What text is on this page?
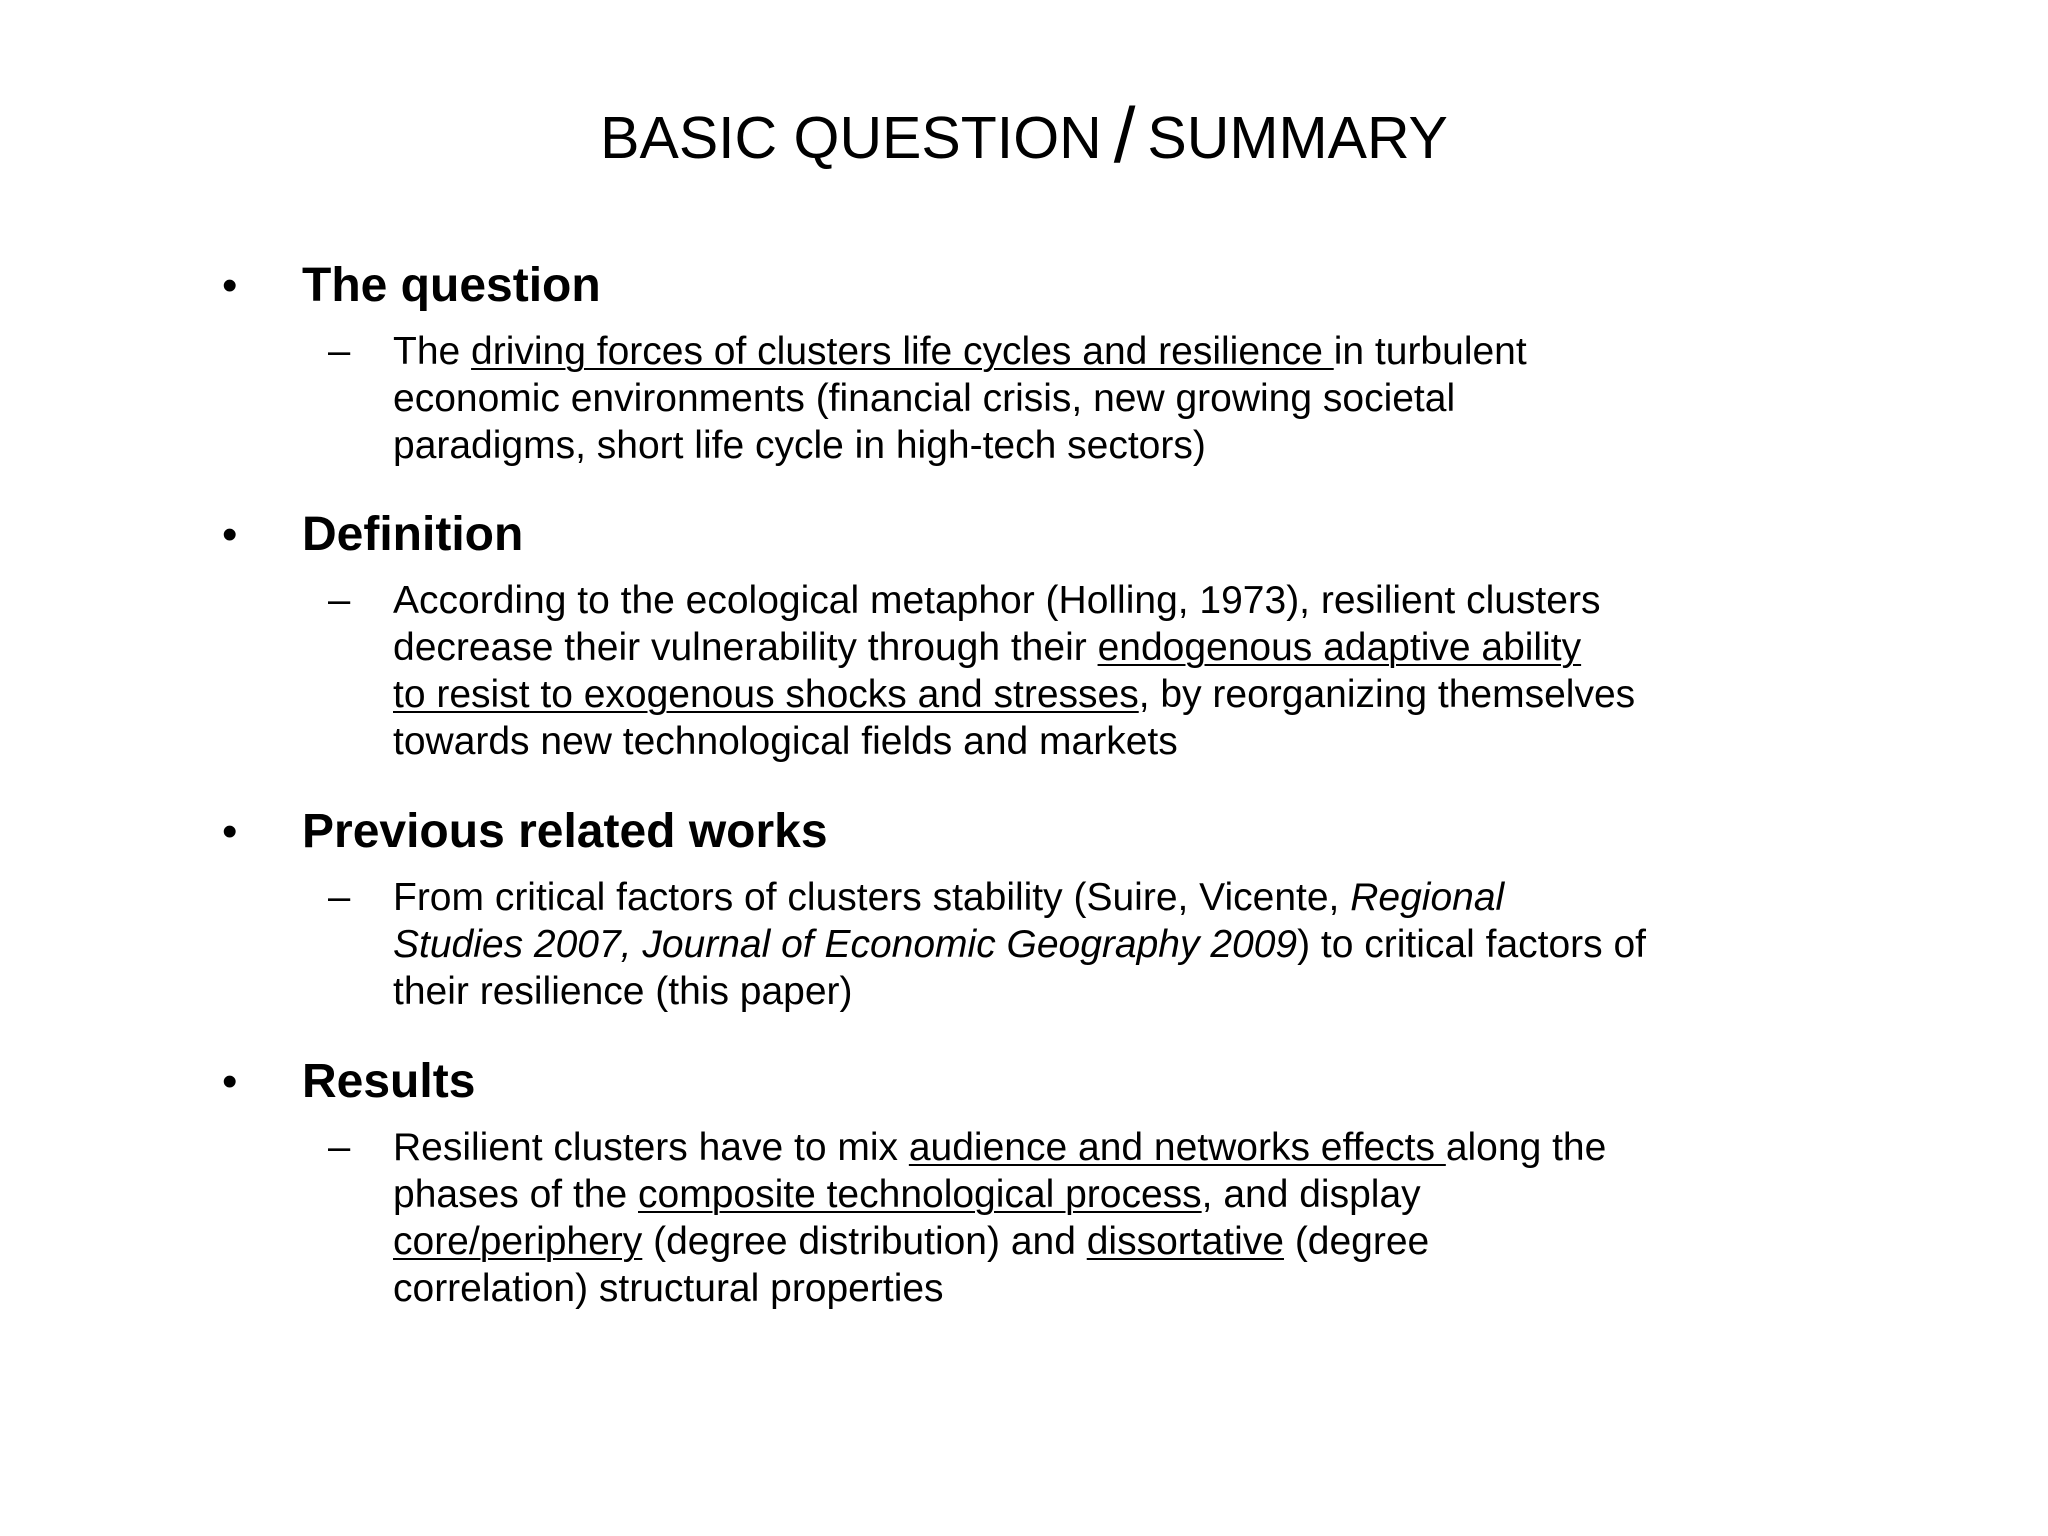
BASIC QUESTION / SUMMARY
• The question
– The driving forces of clusters life cycles and resilience in turbulent
economic environments (financial crisis, new growing societal
paradigms, short life cycle in high-tech sectors)
• Definition
– According to the ecological metaphor (Holling, 1973), resilient clusters
decrease their vulnerability through their endogenous adaptive ability
to resist to exogenous shocks and stresses, by reorganizing themselves
towards new technological fields and markets
• Previous related works
– From critical factors of clusters stability (Suire, Vicente, Regional
Studies 2007, Journal of Economic Geography 2009) to critical factors of
their resilience (this paper)
• Results
– Resilient clusters have to mix audience and networks effects along the
phases of the composite technological process, and display
core/periphery (degree distribution) and dissortative (degree
correlation) structural properties
